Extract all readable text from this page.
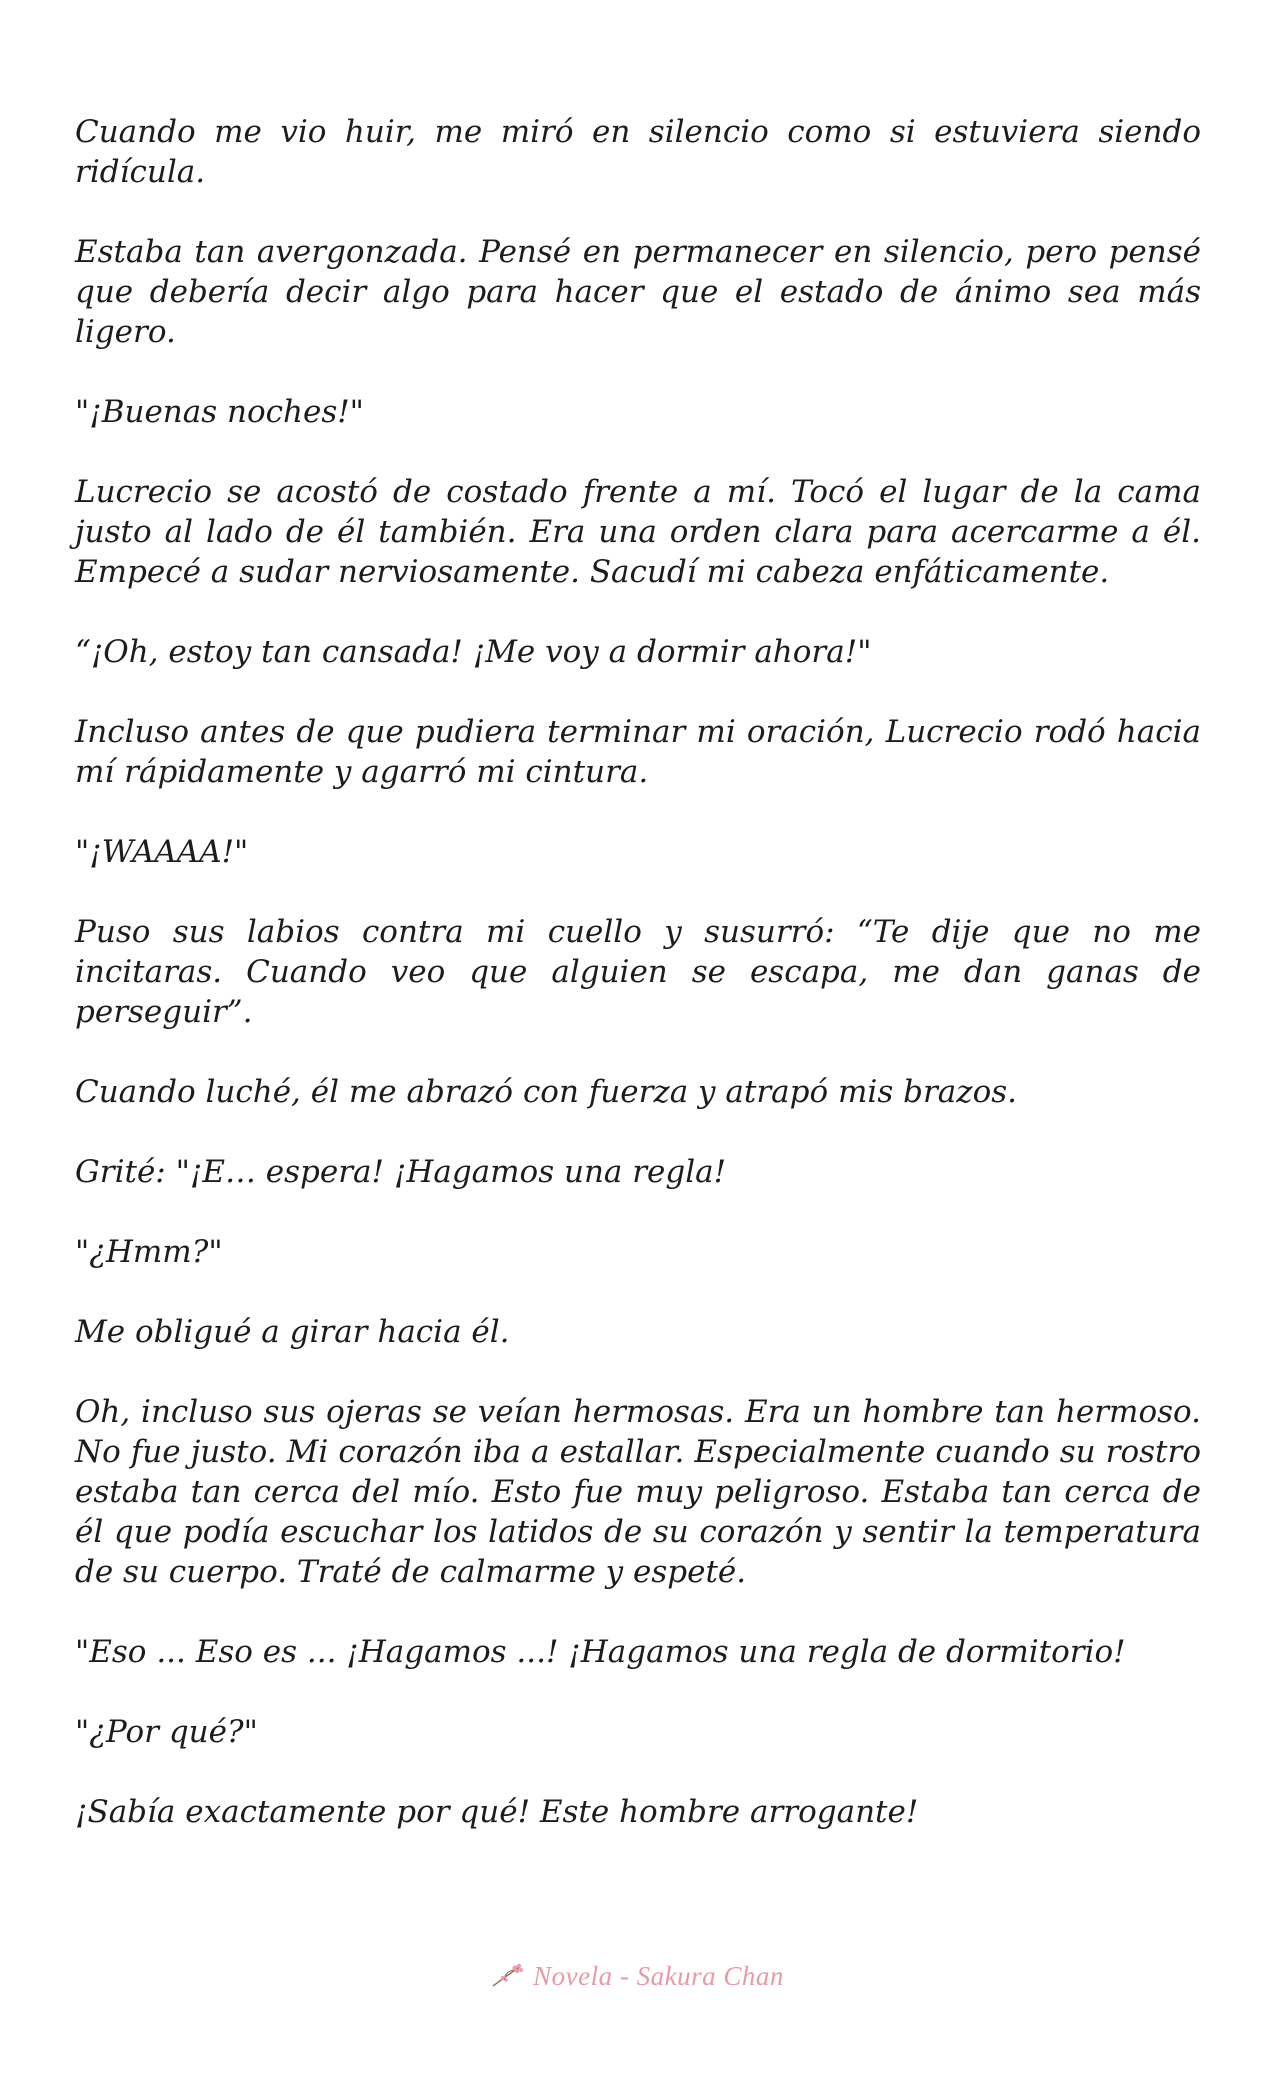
Cuando me vio huir, me miró en silencio como si estuviera siendo ridícula.

Estaba tan avergonzada. Pensé en permanecer en silencio, pero pensé que debería decir algo para hacer que el estado de ánimo sea más ligero.

"¡Buenas noches!"

Lucrecio se acostó de costado frente a mí. Tocó el lugar de la cama justo al lado de él también. Era una orden clara para acercarme a él. Empecé a sudar nerviosamente. Sacudí mi cabeza enfáticamente.

“¡Oh, estoy tan cansada! ¡Me voy a dormir ahora!"

Incluso antes de que pudiera terminar mi oración, Lucrecio rodó hacia mí rápidamente y agarró mi cintura.

"¡WAAAA!"

Puso sus labios contra mi cuello y susurró: “Te dije que no me incitaras. Cuando veo que alguien se escapa, me dan ganas de perseguir”.

Cuando luché, él me abrazó con fuerza y atrapó mis brazos.

Grité: "¡E… espera! ¡Hagamos una regla!

"¿Hmm?"

Me obligué a girar hacia él.

Oh, incluso sus ojeras se veían hermosas. Era un hombre tan hermoso. No fue justo. Mi corazón iba a estallar. Especialmente cuando su rostro estaba tan cerca del mío. Esto fue muy peligroso. Estaba tan cerca de él que podía escuchar los latidos de su corazón y sentir la temperatura de su cuerpo. Traté de calmarme y espeté.

"Eso ... Eso es ... ¡Hagamos ...! ¡Hagamos una regla de dormitorio!

"¿Por qué?"

¡Sabía exactamente por qué! Este hombre arrogante!

Novela - Sakura Chan
